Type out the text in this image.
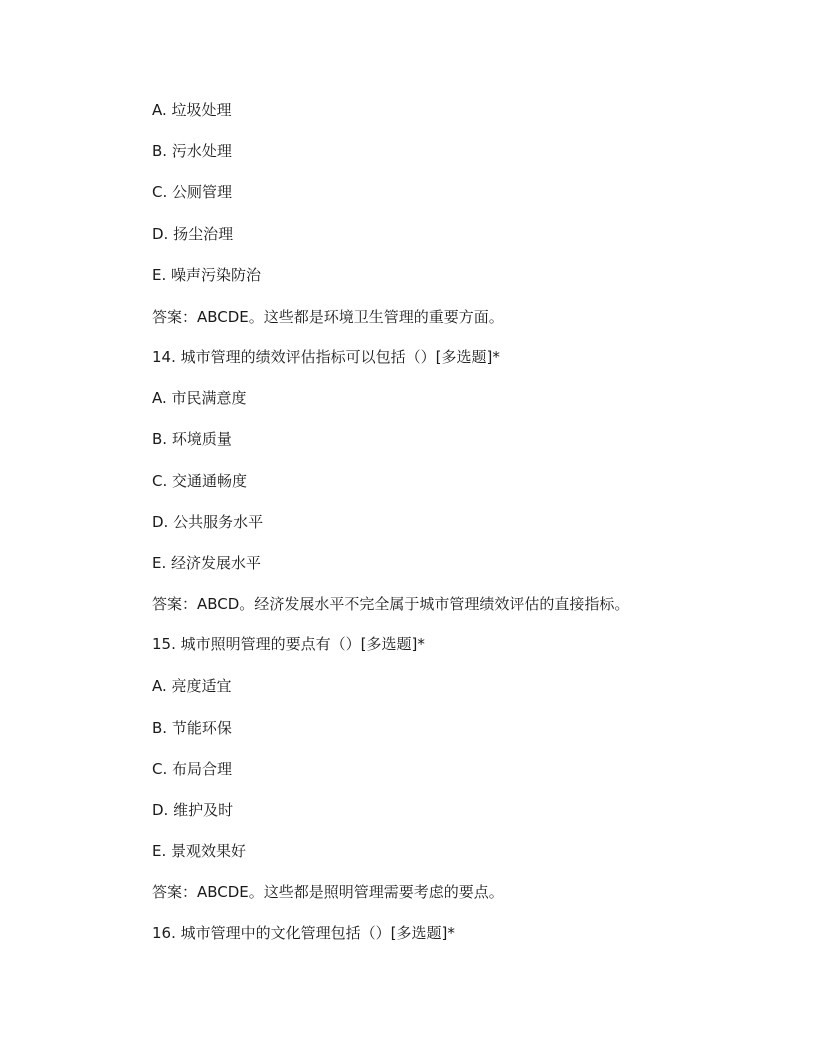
A. 垃圾处理
B. 污水处理
C. 公厕管理
D. 扬尘治理
E. 噪声污染防治
答案：ABCDE。这些都是环境卫生管理的重要方面。
14. 城市管理的绩效评估指标可以包括（）[多选题]*
A. 市民满意度
B. 环境质量
C. 交通通畅度
D. 公共服务水平
E. 经济发展水平
答案：ABCD。经济发展水平不完全属于城市管理绩效评估的直接指标。
15. 城市照明管理的要点有（）[多选题]*
A. 亮度适宜
B. 节能环保
C. 布局合理
D. 维护及时
E. 景观效果好
答案：ABCDE。这些都是照明管理需要考虑的要点。
16. 城市管理中的文化管理包括（）[多选题]*
